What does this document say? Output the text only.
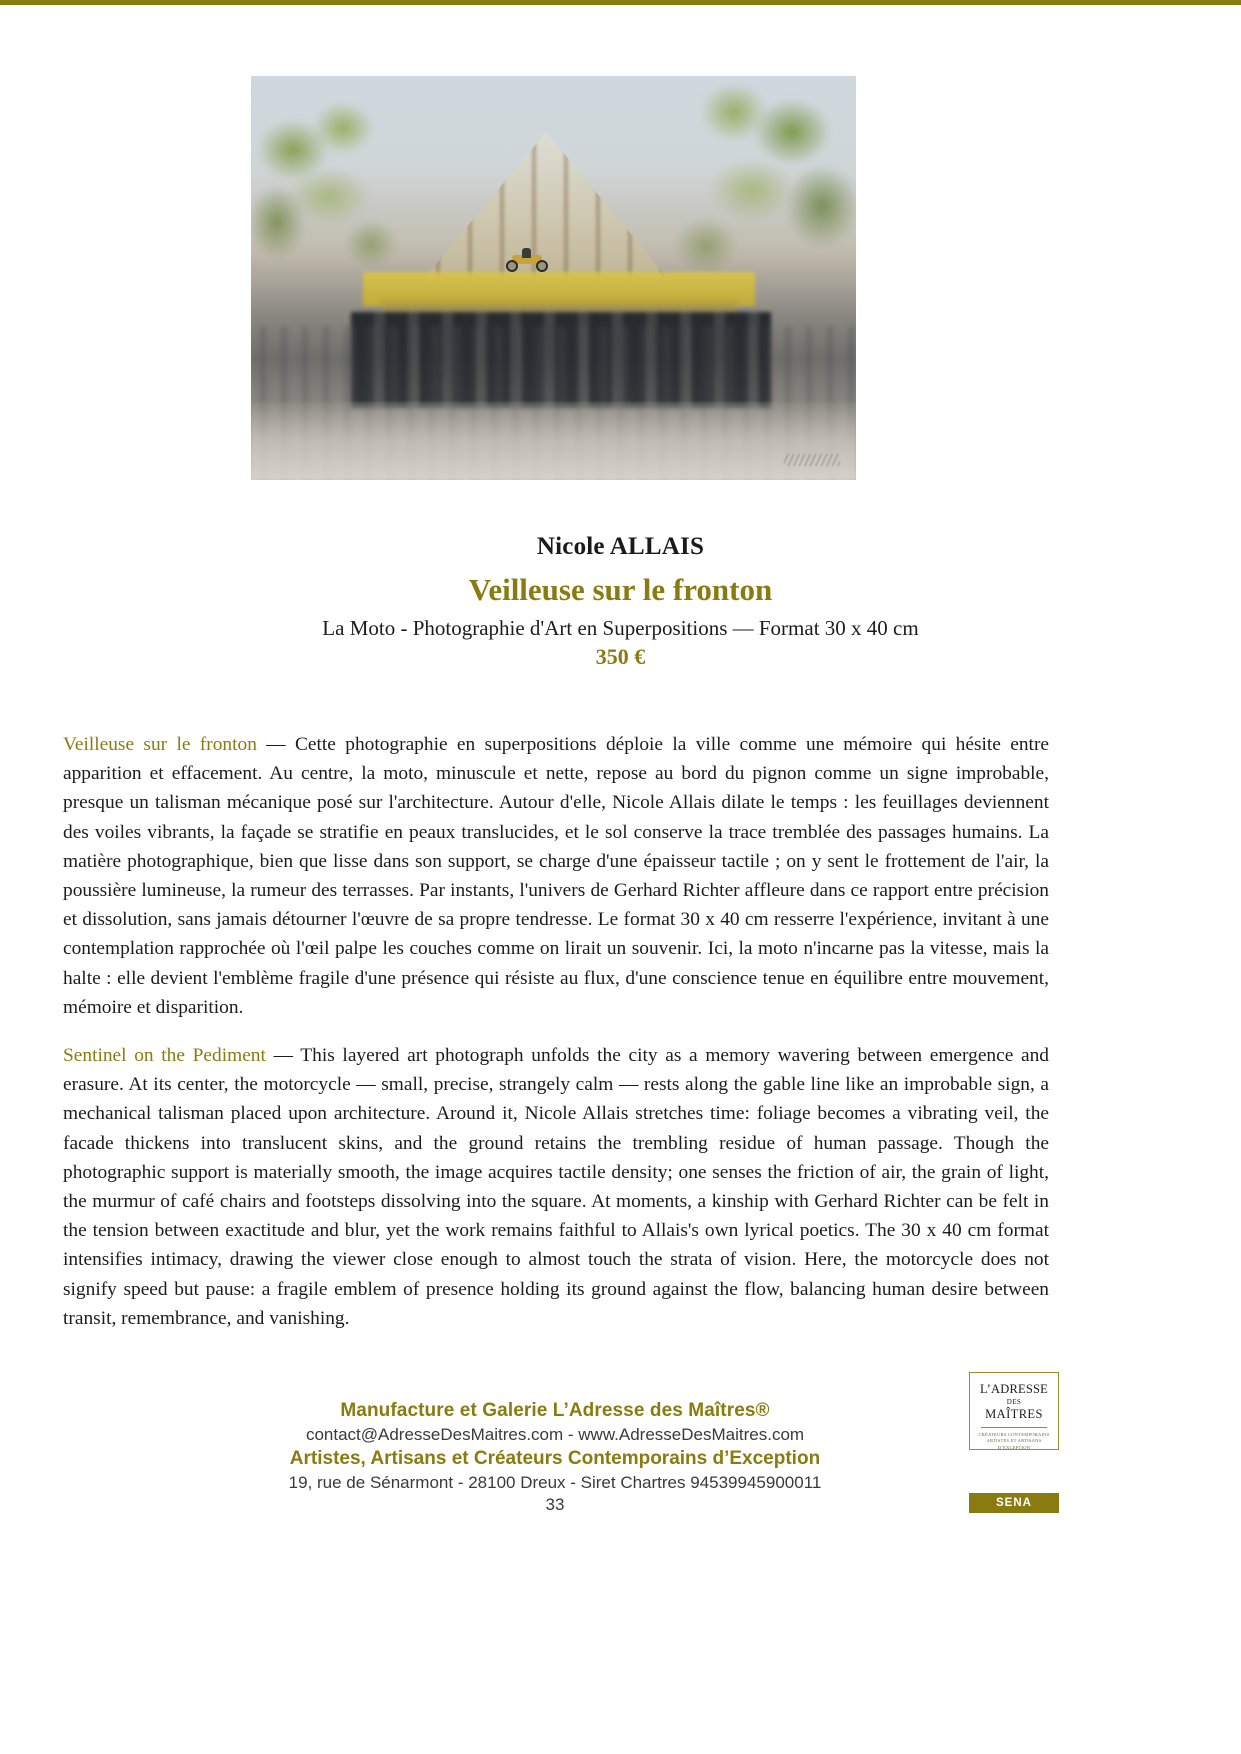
Nicole ALLAIS
Veilleuse sur le fronton
La Moto - Photographie d'Art en Superpositions — Format 30 x 40 cm
350 €

Veilleuse sur le fronton — Cette photographie en superpositions déploie la ville comme une mémoire qui hésite entre apparition et effacement. Au centre, la moto, minuscule et nette, repose au bord du pignon comme un signe improbable, presque un talisman mécanique posé sur l'architecture. Autour d'elle, Nicole Allais dilate le temps : les feuillages deviennent des voiles vibrants, la façade se stratifie en peaux translucides, et le sol conserve la trace tremblée des passages humains. La matière photographique, bien que lisse dans son support, se charge d'une épaisseur tactile ; on y sent le frottement de l'air, la poussière lumineuse, la rumeur des terrasses. Par instants, l'univers de Gerhard Richter affleure dans ce rapport entre précision et dissolution, sans jamais détourner l'œuvre de sa propre tendresse. Le format 30 x 40 cm resserre l'expérience, invitant à une contemplation rapprochée où l'œil palpe les couches comme on lirait un souvenir. Ici, la moto n'incarne pas la vitesse, mais la halte : elle devient l'emblème fragile d'une présence qui résiste au flux, d'une conscience tenue en équilibre entre mouvement, mémoire et disparition.

Sentinel on the Pediment — This layered art photograph unfolds the city as a memory wavering between emergence and erasure. At its center, the motorcycle — small, precise, strangely calm — rests along the gable line like an improbable sign, a mechanical talisman placed upon architecture. Around it, Nicole Allais stretches time: foliage becomes a vibrating veil, the facade thickens into translucent skins, and the ground retains the trembling residue of human passage. Though the photographic support is materially smooth, the image acquires tactile density; one senses the friction of air, the grain of light, the murmur of café chairs and footsteps dissolving into the square. At moments, a kinship with Gerhard Richter can be felt in the tension between exactitude and blur, yet the work remains faithful to Allais's own lyrical poetics. The 30 x 40 cm format intensifies intimacy, drawing the viewer close enough to almost touch the strata of vision. Here, the motorcycle does not signify speed but pause: a fragile emblem of presence holding its ground against the flow, balancing human desire between transit, remembrance, and vanishing.

Manufacture et Galerie L’Adresse des Maîtres®
contact@AdresseDesMaitres.com - www.AdresseDesMaitres.com
Artistes, Artisans et Créateurs Contemporains d’Exception
19, rue de Sénarmont - 28100 Dreux - Siret Chartres 94539945900011
33
L’ADRESSE
DES
MAÎTRES
CRÉATEURS CONTEMPORAINS ARTISTES ET ARTISANS D’EXCEPTION
SENA
